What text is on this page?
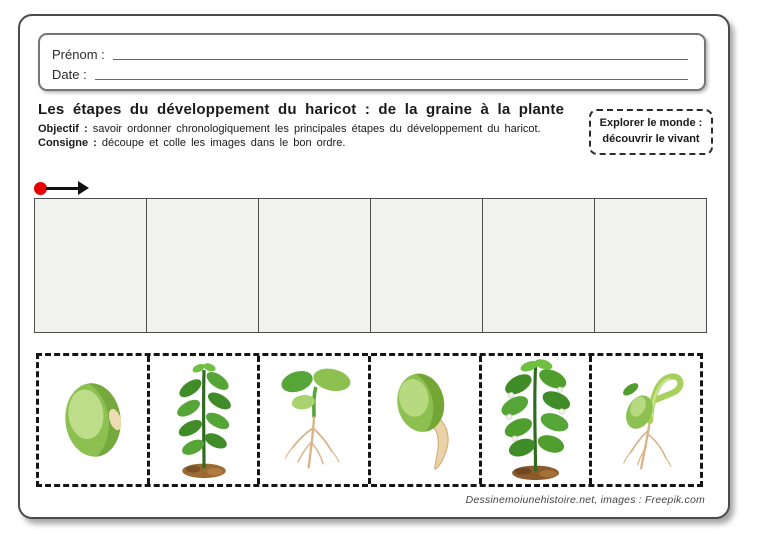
Prénom :
Date :
Les étapes du développement du haricot : de la graine à la plante
Objectif : savoir ordonner chronologiquement les principales étapes du développement du haricot.
Consigne : découpe et colle les images dans le bon ordre.
Explorer le monde :
découvrir le vivant
Dessinemoiunehistoire.net, images : Freepik.com
